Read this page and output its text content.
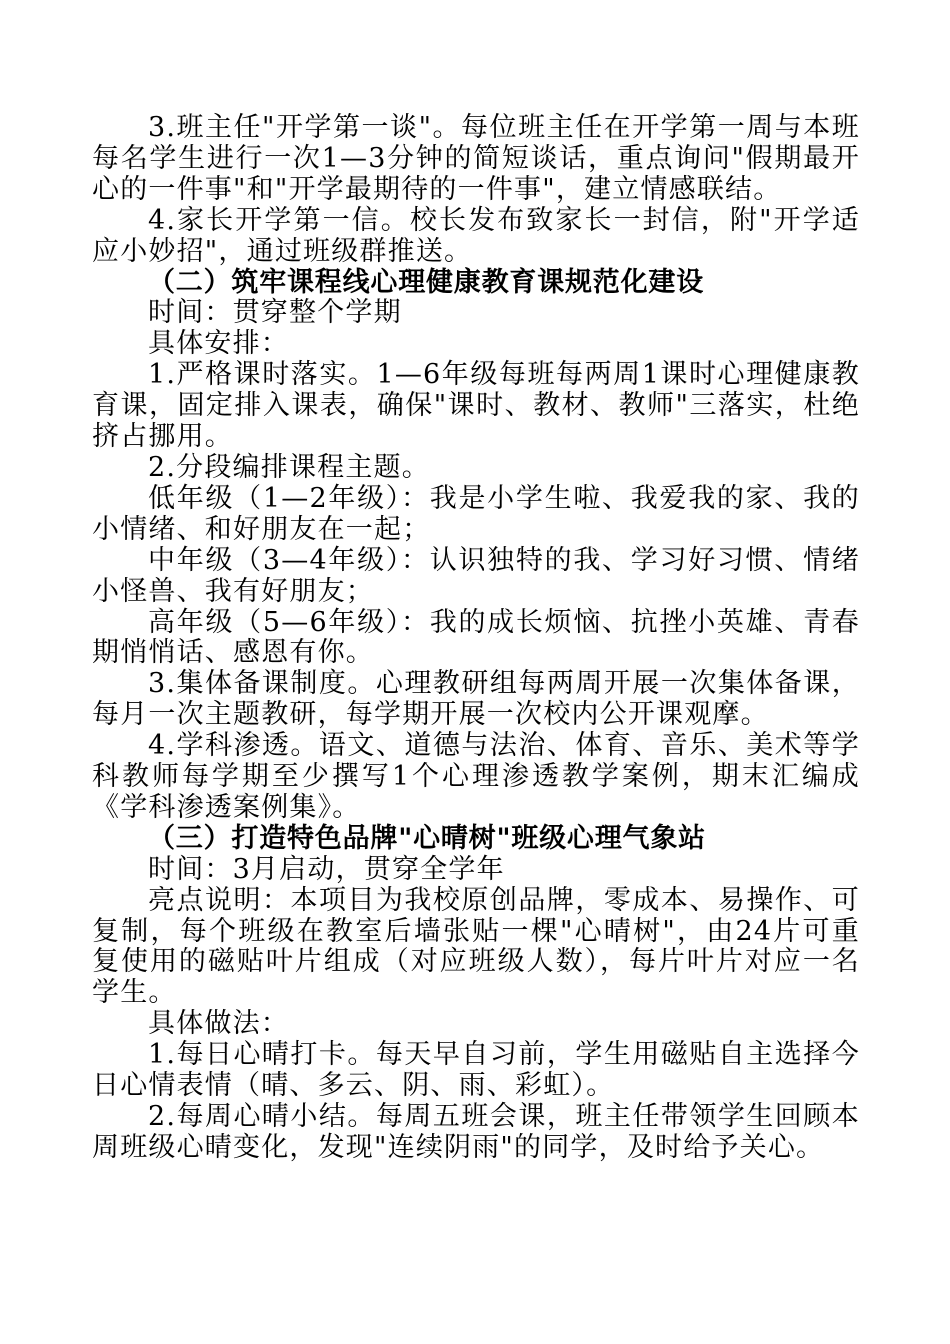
3.班主任"开学第一谈"。每位班主任在开学第一周与本班每名学生进行一次1—3分钟的简短谈话，重点询问"假期最开心的一件事"和"开学最期待的一件事"，建立情感联结。

4.家长开学第一信。校长发布致家长一封信，附"开学适应小妙招"，通过班级群推送。

（二）筑牢课程线心理健康教育课规范化建设

时间：贯穿整个学期

具体安排：

1.严格课时落实。1—6年级每班每两周1课时心理健康教育课，固定排入课表，确保"课时、教材、教师"三落实，杜绝挤占挪用。

2.分段编排课程主题。

低年级（1—2年级）：我是小学生啦、我爱我的家、我的小情绪、和好朋友在一起；

中年级（3—4年级）：认识独特的我、学习好习惯、情绪小怪兽、我有好朋友；

高年级（5—6年级）：我的成长烦恼、抗挫小英雄、青春期悄悄话、感恩有你。

3.集体备课制度。心理教研组每两周开展一次集体备课，每月一次主题教研，每学期开展一次校内公开课观摩。

4.学科渗透。语文、道德与法治、体育、音乐、美术等学科教师每学期至少撰写1个心理渗透教学案例，期末汇编成《学科渗透案例集》。

（三）打造特色品牌"心晴树"班级心理气象站

时间：3月启动，贯穿全学年

亮点说明：本项目为我校原创品牌，零成本、易操作、可复制，每个班级在教室后墙张贴一棵"心晴树"，由24片可重复使用的磁贴叶片组成（对应班级人数），每片叶片对应一名学生。

具体做法：

1.每日心晴打卡。每天早自习前，学生用磁贴自主选择今日心情表情（晴、多云、阴、雨、彩虹）。

2.每周心晴小结。每周五班会课，班主任带领学生回顾本周班级心晴变化，发现"连续阴雨"的同学，及时给予关心。
